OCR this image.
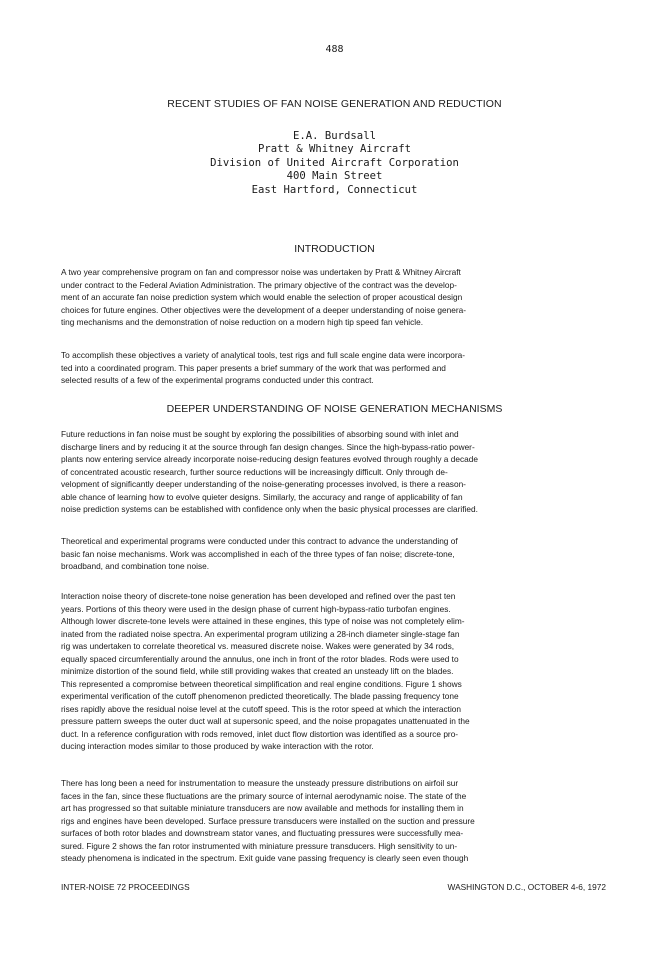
488
RECENT STUDIES OF FAN NOISE GENERATION AND REDUCTION
E.A. Burdsall
Pratt & Whitney Aircraft
Division of United Aircraft Corporation
400 Main Street
East Hartford, Connecticut
INTRODUCTION
A two year comprehensive program on fan and compressor noise was undertaken by Pratt & Whitney Aircraft
under contract to the Federal Aviation Administration. The primary objective of the contract was the develop-
ment of an accurate fan noise prediction system which would enable the selection of proper acoustical design
choices for future engines. Other objectives were the development of a deeper understanding of noise genera-
ting mechanisms and the demonstration of noise reduction on a modern high tip speed fan vehicle.
To accomplish these objectives a variety of analytical tools, test rigs and full scale engine data were incorpora-
ted into a coordinated program. This paper presents a brief summary of the work that was performed and
selected results of a few of the experimental programs conducted under this contract.
DEEPER UNDERSTANDING OF NOISE GENERATION MECHANISMS
Future reductions in fan noise must be sought by exploring the possibilities of absorbing sound with inlet and
discharge liners and by reducing it at the source through fan design changes. Since the high-bypass-ratio power-
plants now entering service already incorporate noise-reducing design features evolved through roughly a decade
of concentrated acoustic research, further source reductions will be increasingly difficult. Only through de-
velopment of significantly deeper understanding of the noise-generating processes involved, is there a reason-
able chance of learning how to evolve quieter designs. Similarly, the accuracy and range of applicability of fan
noise prediction systems can be established with confidence only when the basic physical processes are clarified.
Theoretical and experimental programs were conducted under this contract to advance the understanding of
basic fan noise mechanisms. Work was accomplished in each of the three types of fan noise; discrete-tone,
broadband, and combination tone noise.
Interaction noise theory of discrete-tone noise generation has been developed and refined over the past ten
years. Portions of this theory were used in the design phase of current high-bypass-ratio turbofan engines.
Although lower discrete-tone levels were attained in these engines, this type of noise was not completely elim-
inated from the radiated noise spectra. An experimental program utilizing a 28-inch diameter single-stage fan
rig was undertaken to correlate theoretical vs. measured discrete noise. Wakes were generated by 34 rods,
equally spaced circumferentially around the annulus, one inch in front of the rotor blades. Rods were used to
minimize distortion of the sound field, while still providing wakes that created an unsteady lift on the blades.
This represented a compromise between theoretical simplification and real engine conditions. Figure 1 shows
experimental verification of the cutoff phenomenon predicted theoretically. The blade passing frequency tone
rises rapidly above the residual noise level at the cutoff speed. This is the rotor speed at which the interaction
pressure pattern sweeps the outer duct wall at supersonic speed, and the noise propagates unattenuated in the
duct. In a reference configuration with rods removed, inlet duct flow distortion was identified as a source pro-
ducing interaction modes similar to those produced by wake interaction with the rotor.
There has long been a need for instrumentation to measure the unsteady pressure distributions on airfoil sur
faces in the fan, since these fluctuations are the primary source of internal aerodynamic noise. The state of the
art has progressed so that suitable miniature transducers are now available and methods for installing them in
rigs and engines have been developed. Surface pressure transducers were installed on the suction and pressure
surfaces of both rotor blades and downstream stator vanes, and fluctuating pressures were successfully mea-
sured. Figure 2 shows the fan rotor instrumented with miniature pressure transducers. High sensitivity to un-
steady phenomena is indicated in the spectrum. Exit guide vane passing frequency is clearly seen even though
INTER-NOISE 72 PROCEEDINGS	WASHINGTON D.C., OCTOBER 4-6, 1972
